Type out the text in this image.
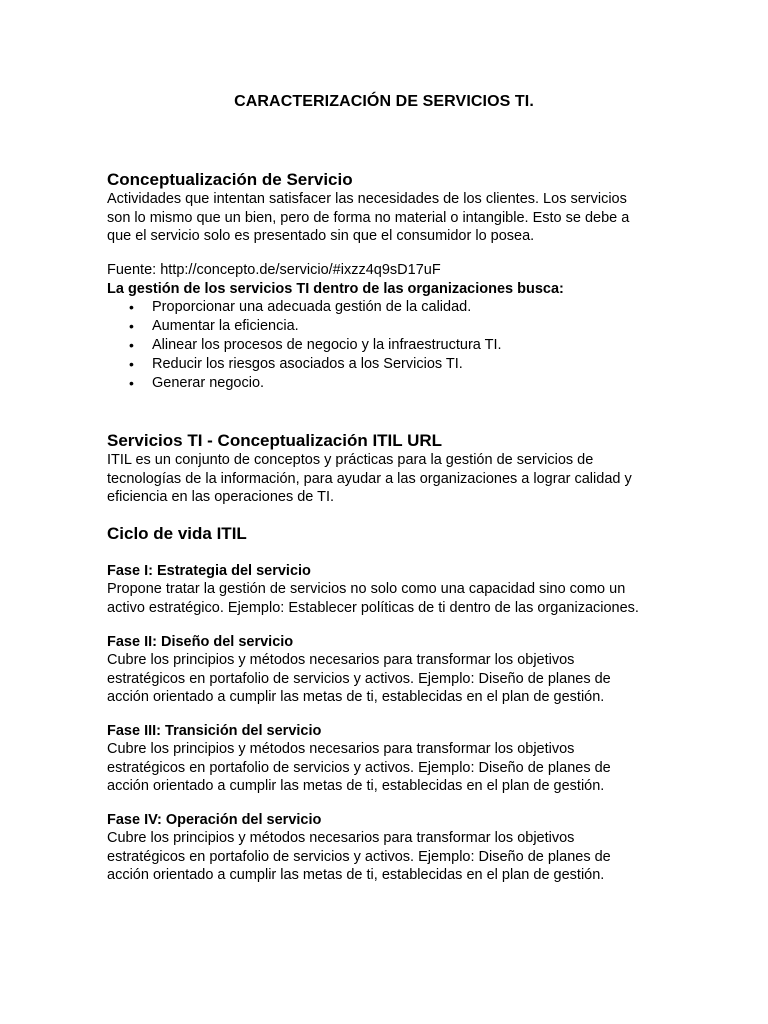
CARACTERIZACIÓN DE SERVICIOS TI.
Conceptualización de Servicio
Actividades que intentan satisfacer las necesidades de los clientes. Los servicios
son lo mismo que un bien, pero de forma no material o intangible. Esto se debe a
que el servicio solo es presentado sin que el consumidor lo posea.
Fuente: http://concepto.de/servicio/#ixzz4q9sD17uF
La gestión de los servicios TI dentro de las organizaciones busca:
• Proporcionar una adecuada gestión de la calidad.
• Aumentar la eficiencia.
• Alinear los procesos de negocio y la infraestructura TI.
• Reducir los riesgos asociados a los Servicios TI.
• Generar negocio.
Servicios TI - Conceptualización ITIL URL
ITIL es un conjunto de conceptos y prácticas para la gestión de servicios de
tecnologías de la información, para ayudar a las organizaciones a lograr calidad y
eficiencia en las operaciones de TI.
Ciclo de vida ITIL
Fase I: Estrategia del servicio
Propone tratar la gestión de servicios no solo como una capacidad sino como un
activo estratégico. Ejemplo: Establecer políticas de ti dentro de las organizaciones.
Fase II: Diseño del servicio
Cubre los principios y métodos necesarios para transformar los objetivos
estratégicos en portafolio de servicios y activos. Ejemplo: Diseño de planes de
acción orientado a cumplir las metas de ti, establecidas en el plan de gestión.
Fase III: Transición del servicio
Cubre los principios y métodos necesarios para transformar los objetivos
estratégicos en portafolio de servicios y activos. Ejemplo: Diseño de planes de
acción orientado a cumplir las metas de ti, establecidas en el plan de gestión.
Fase IV: Operación del servicio
Cubre los principios y métodos necesarios para transformar los objetivos
estratégicos en portafolio de servicios y activos. Ejemplo: Diseño de planes de
acción orientado a cumplir las metas de ti, establecidas en el plan de gestión.
